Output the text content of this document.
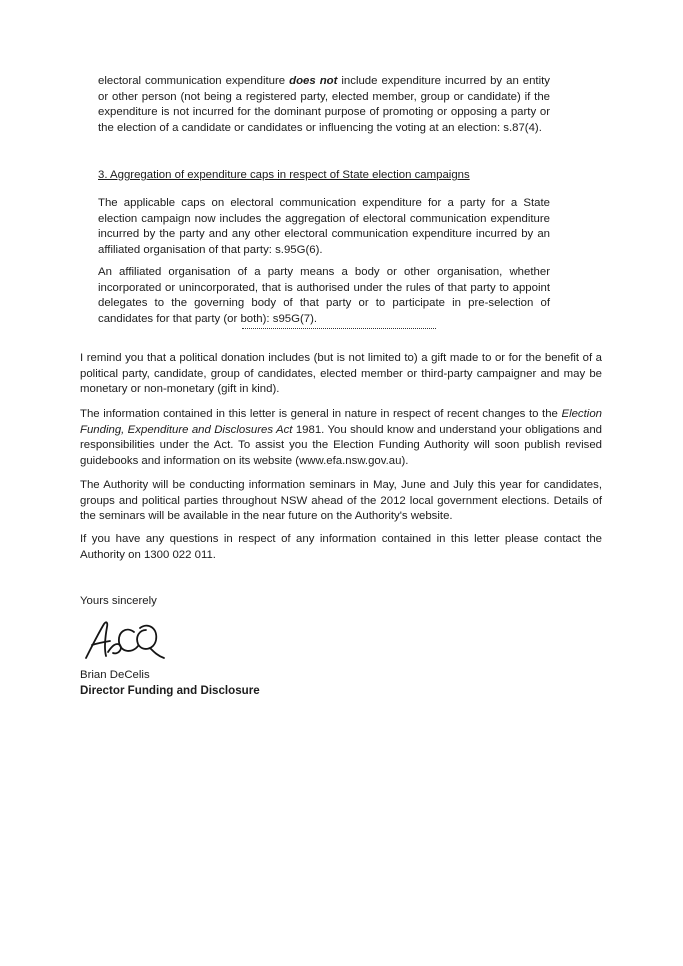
electoral communication expenditure does not include expenditure incurred by an entity or other person (not being a registered party, elected member, group or candidate) if the expenditure is not incurred for the dominant purpose of promoting or opposing a party or the election of a candidate or candidates or influencing the voting at an election: s.87(4).

3. Aggregation of expenditure caps in respect of State election campaigns

The applicable caps on electoral communication expenditure for a party for a State election campaign now includes the aggregation of electoral communication expenditure incurred by the party and any other electoral communication expenditure incurred by an affiliated organisation of that party: s.95G(6).

An affiliated organisation of a party means a body or other organisation, whether incorporated or unincorporated, that is authorised under the rules of that party to appoint delegates to the governing body of that party or to participate in pre-selection of candidates for that party (or both): s95G(7).

I remind you that a political donation includes (but is not limited to) a gift made to or for the benefit of a political party, candidate, group of candidates, elected member or third-party campaigner and may be monetary or non-monetary (gift in kind).

The information contained in this letter is general in nature in respect of recent changes to the Election Funding, Expenditure and Disclosures Act 1981. You should know and understand your obligations and responsibilities under the Act. To assist you the Election Funding Authority will soon publish revised guidebooks and information on its website (www.efa.nsw.gov.au).

The Authority will be conducting information seminars in May, June and July this year for candidates, groups and political parties throughout NSW ahead of the 2012 local government elections. Details of the seminars will be available in the near future on the Authority's website.

If you have any questions in respect of any information contained in this letter please contact the Authority on 1300 022 011.

Yours sincerely
Brian DeCelis
Director Funding and Disclosure
